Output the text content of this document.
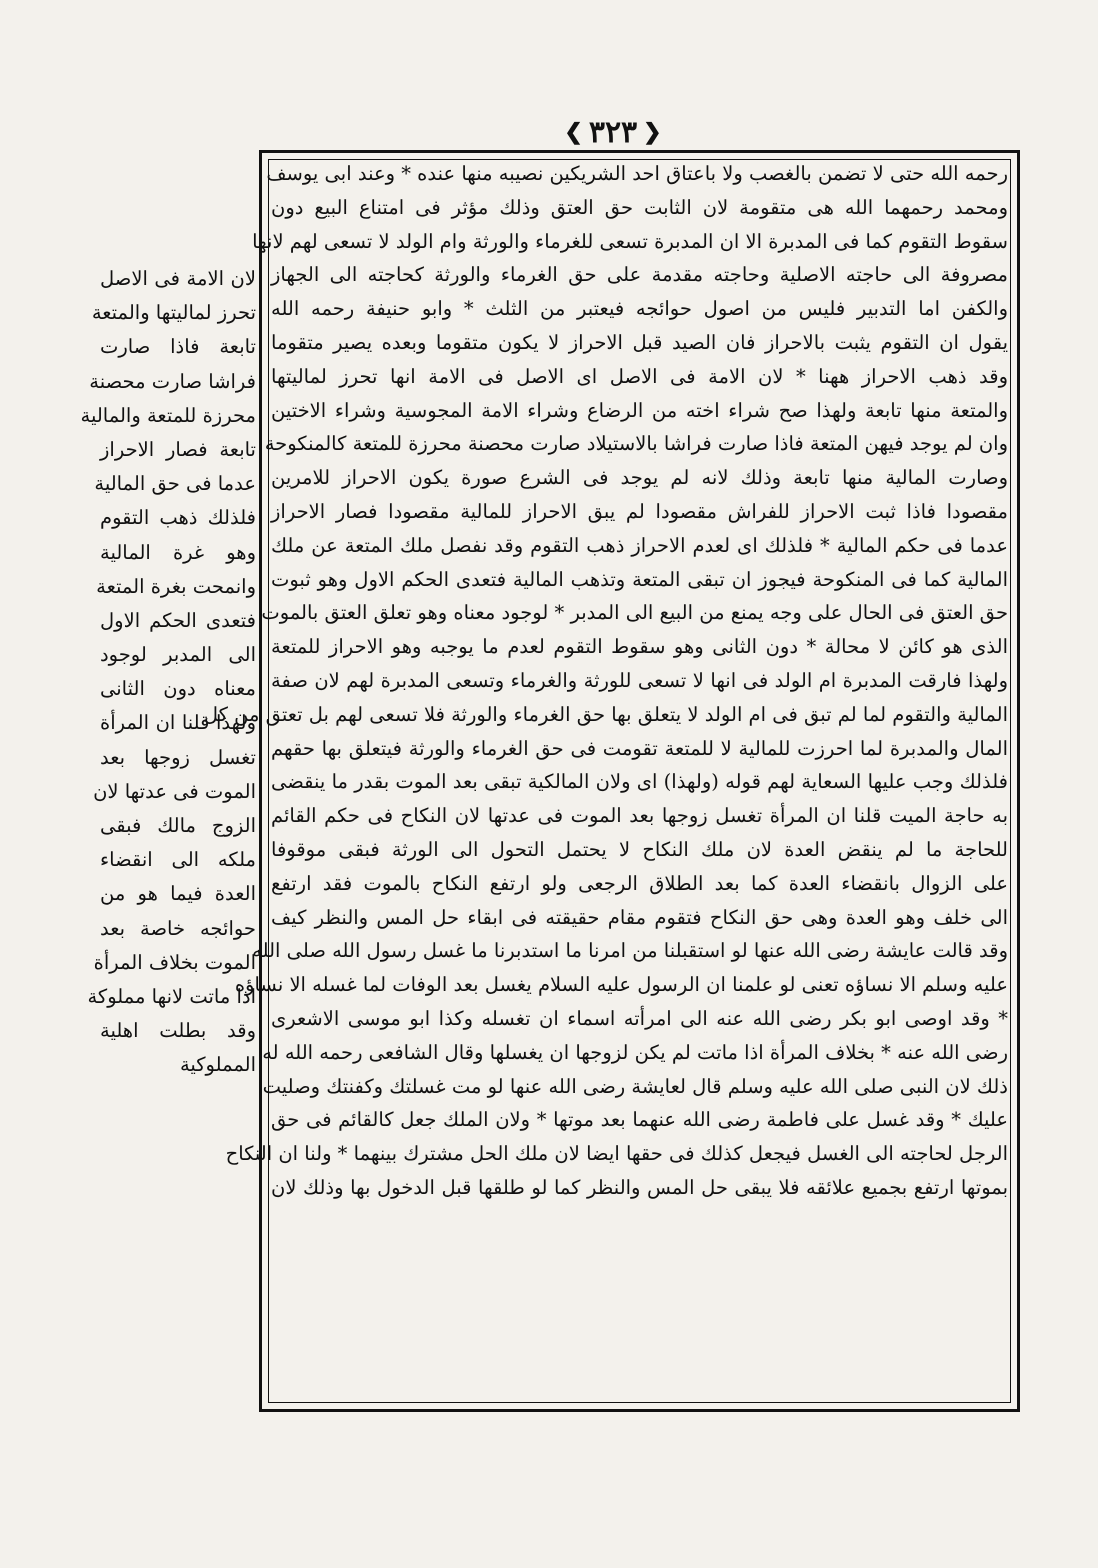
❮ ٣٢٣ ❯
رحمه الله حتى لا تضمن بالغصب ولا باعتاق احد الشريكين نصيبه منها عنده * وعند ابى يوسف
ومحمد رحمهما الله هى متقومة لان الثابت حق العتق وذلك مؤثر فى امتناع البيع دون
سقوط التقوم كما فى المدبرة الا ان المدبرة تسعى للغرماء والورثة وام الولد لا تسعى لهم لانها
مصروفة الى حاجته الاصلية وحاجته مقدمة على حق الغرماء والورثة كحاجته الى الجهاز
والكفن اما التدبير فليس من اصول حوائجه فيعتبر من الثلث * وابو حنيفة رحمه الله
يقول ان التقوم يثبت بالاحراز فان الصيد قبل الاحراز لا يكون متقوما وبعده يصير متقوما
وقد ذهب الاحراز ههنا * لان الامة فى الاصل اى الاصل فى الامة انها تحرز لماليتها
والمتعة منها تابعة ولهذا صح شراء اخته من الرضاع وشراء الامة المجوسية وشراء الاختين
وان لم يوجد فيهن المتعة فاذا صارت فراشا بالاستيلاد صارت محصنة محرزة للمتعة كالمنكوحة
وصارت المالية منها تابعة وذلك لانه لم يوجد فى الشرع صورة يكون الاحراز للامرين
مقصودا فاذا ثبت الاحراز للفراش مقصودا لم يبق الاحراز للمالية مقصودا فصار الاحراز
عدما فى حكم المالية * فلذلك اى لعدم الاحراز ذهب التقوم وقد نفصل ملك المتعة عن ملك
المالية كما فى المنكوحة فيجوز ان تبقى المتعة وتذهب المالية فتعدى الحكم الاول وهو ثبوت
حق العتق فى الحال على وجه يمنع من البيع الى المدبر * لوجود معناه وهو تعلق العتق بالموت
الذى هو كائن لا محالة * دون الثانى وهو سقوط التقوم لعدم ما يوجبه وهو الاحراز للمتعة
ولهذا فارقت المدبرة ام الولد فى انها لا تسعى للورثة والغرماء وتسعى المدبرة لهم لان صفة
المالية والتقوم لما لم تبق فى ام الولد لا يتعلق بها حق الغرماء والورثة فلا تسعى لهم بل تعتق من كل
المال والمدبرة لما احرزت للمالية لا للمتعة تقومت فى حق الغرماء والورثة فيتعلق بها حقهم
فلذلك وجب عليها السعاية لهم قوله (ولهذا) اى ولان المالكية تبقى بعد الموت بقدر ما ينقضى
به حاجة الميت قلنا ان المرأة تغسل زوجها بعد الموت فى عدتها لان النكاح فى حكم القائم
للحاجة ما لم ينقض العدة لان ملك النكاح لا يحتمل التحول الى الورثة فبقى موقوفا
على الزوال بانقضاء العدة كما بعد الطلاق الرجعى ولو ارتفع النكاح بالموت فقد ارتفع
الى خلف وهو العدة وهى حق النكاح فتقوم مقام حقيقته فى ابقاء حل المس والنظر كيف
وقد قالت عايشة رضى الله عنها لو استقبلنا من امرنا ما استدبرنا ما غسل رسول الله صلى الله
عليه وسلم الا نساؤه تعنى لو علمنا ان الرسول عليه السلام يغسل بعد الوفات لما غسله الا نساؤه
* وقد اوصى ابو بكر رضى الله عنه الى امرأته اسماء ان تغسله وكذا ابو موسى الاشعرى
رضى الله عنه * بخلاف المرأة اذا ماتت لم يكن لزوجها ان يغسلها وقال الشافعى رحمه الله له
ذلك لان النبى صلى الله عليه وسلم قال لعايشة رضى الله عنها لو مت غسلتك وكفنتك وصليت
عليك * وقد غسل على فاطمة رضى الله عنهما بعد موتها * ولان الملك جعل كالقائم فى حق
الرجل لحاجته الى الغسل فيجعل كذلك فى حقها ايضا لان ملك الحل مشترك بينهما * ولنا ان النكاح
بموتها ارتفع بجميع علائقه فلا يبقى حل المس والنظر كما لو طلقها قبل الدخول بها وذلك لان
لان الامة فى الاصل
تحرز لماليتها والمتعة
تابعة فاذا صارت
فراشا صارت محصنة
محرزة للمتعة والمالية
تابعة فصار الاحراز
عدما فى حق المالية
فلذلك ذهب التقوم
وهو غرة المالية
وانمحت بغرة المتعة
فتعدى الحكم الاول
الى المدبر لوجود
معناه دون الثانى
ولهذا قلنا ان المرأة
تغسل زوجها بعد
الموت فى عدتها لان
الزوج مالك فبقى
ملكه الى انقضاء
العدة فيما هو من
حوائجه خاصة بعد
الموت بخلاف المرأة
اذا ماتت لانها مملوكة
وقد بطلت اهلية
المملوكية
